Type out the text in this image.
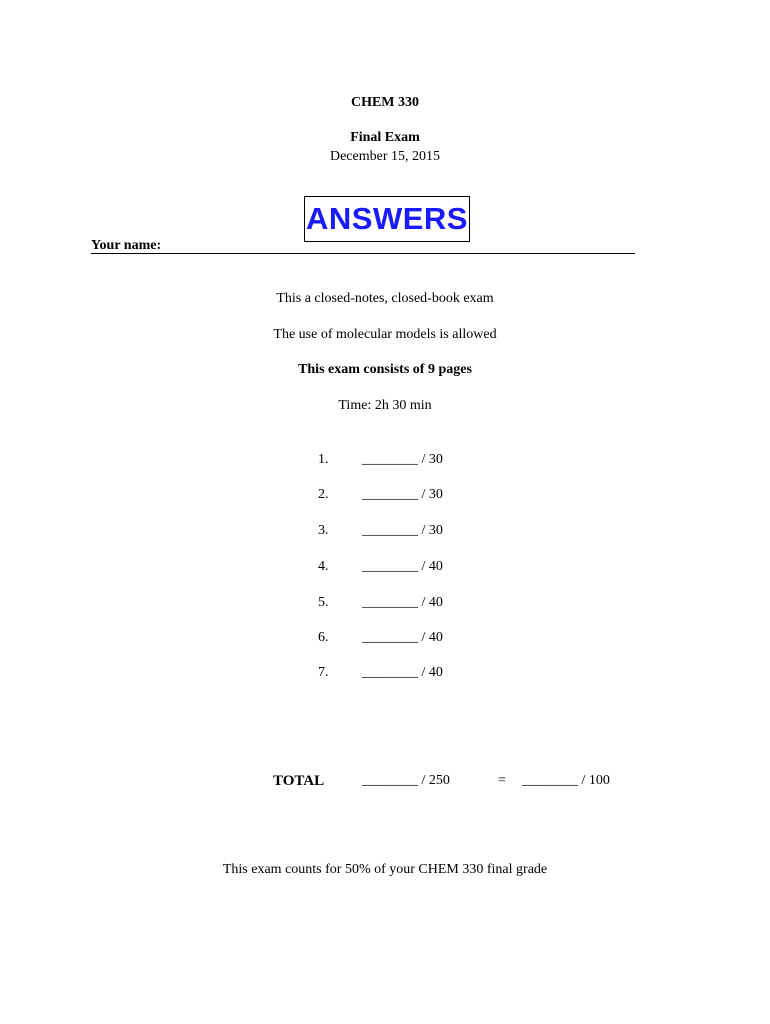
CHEM 330
Final Exam
December 15, 2015
ANSWERS
Your name:
This a closed-notes, closed-book exam
The use of molecular models is allowed
This exam consists of 9 pages
Time: 2h 30 min
1. ________ / 30
2. ________ / 30
3. ________ / 30
4. ________ / 40
5. ________ / 40
6. ________ / 40
7. ________ / 40
TOTAL	________ / 250	= ________ / 100
This exam counts for 50% of your CHEM 330 final grade
